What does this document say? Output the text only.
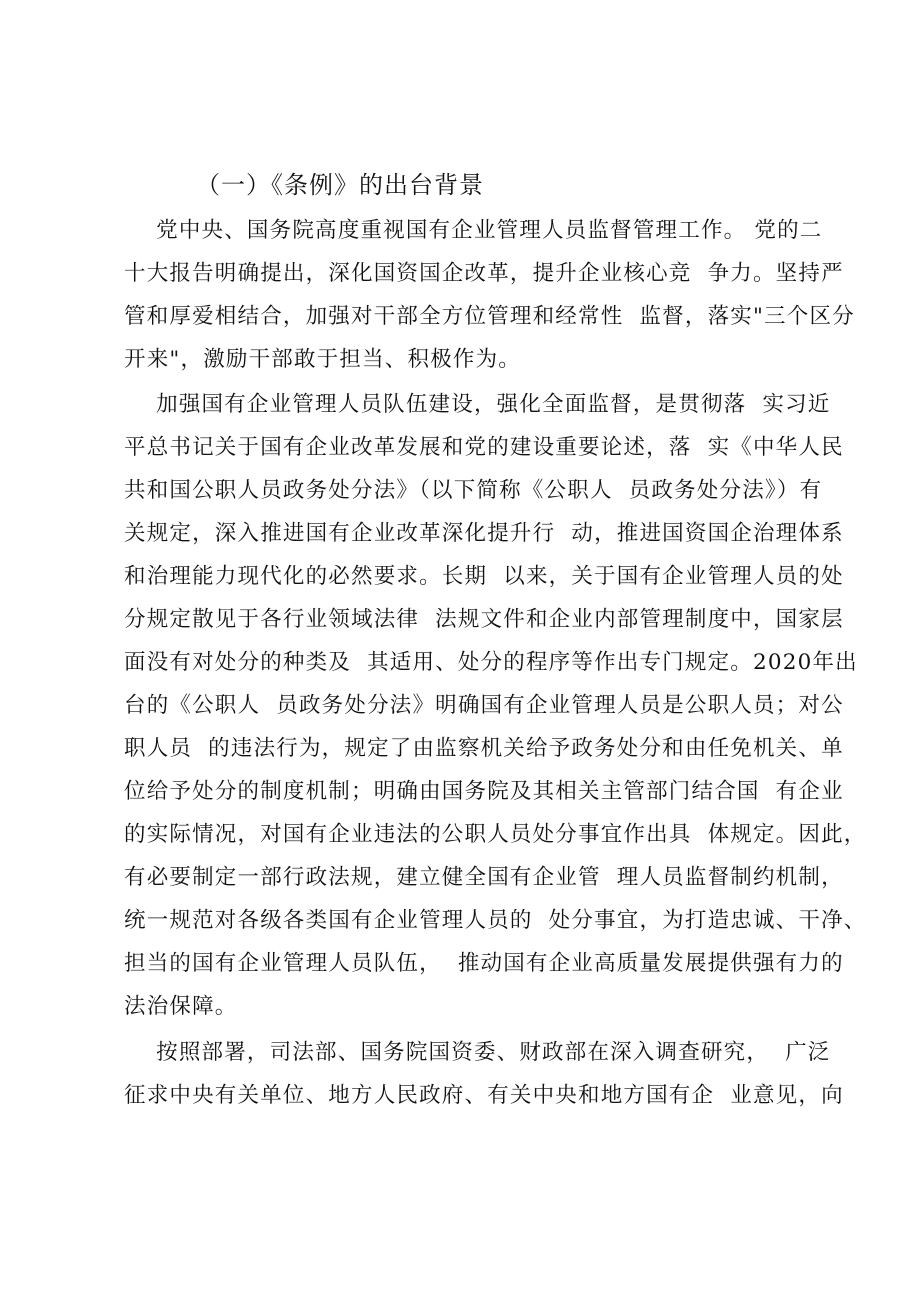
（一）《条例》的出台背景
党中央、国务院高度重视国有企业管理人员监督管理工作。 党的二
十大报告明确提出，深化国资国企改革，提升企业核心竞  争力。坚持严
管和厚爱相结合，加强对干部全方位管理和经常性  监督，落实"三个区分
开来"，激励干部敢于担当、积极作为。
加强国有企业管理人员队伍建设，强化全面监督，是贯彻落  实习近
平总书记关于国有企业改革发展和党的建设重要论述，落  实《中华人民
共和国公职人员政务处分法》（以下简称《公职人  员政务处分法》）有
关规定，深入推进国有企业改革深化提升行  动，推进国资国企治理体系
和治理能力现代化的必然要求。长期  以来，关于国有企业管理人员的处
分规定散见于各行业领域法律  法规文件和企业内部管理制度中，国家层
面没有对处分的种类及  其适用、处分的程序等作出专门规定。2020年出
台的《公职人  员政务处分法》明确国有企业管理人员是公职人员；对公
职人员  的违法行为，规定了由监察机关给予政务处分和由任免机关、单
位给予处分的制度机制；明确由国务院及其相关主管部门结合国  有企业
的实际情况，对国有企业违法的公职人员处分事宜作出具  体规定。因此，
有必要制定一部行政法规，建立健全国有企业管  理人员监督制约机制，
统一规范对各级各类国有企业管理人员的  处分事宜，为打造忠诚、干净、
担当的国有企业管理人员队伍，  推动国有企业高质量发展提供强有力的
法治保障。
按照部署，司法部、国务院国资委、财政部在深入调查研究，  广泛
征求中央有关单位、地方人民政府、有关中央和地方国有企  业意见，向
